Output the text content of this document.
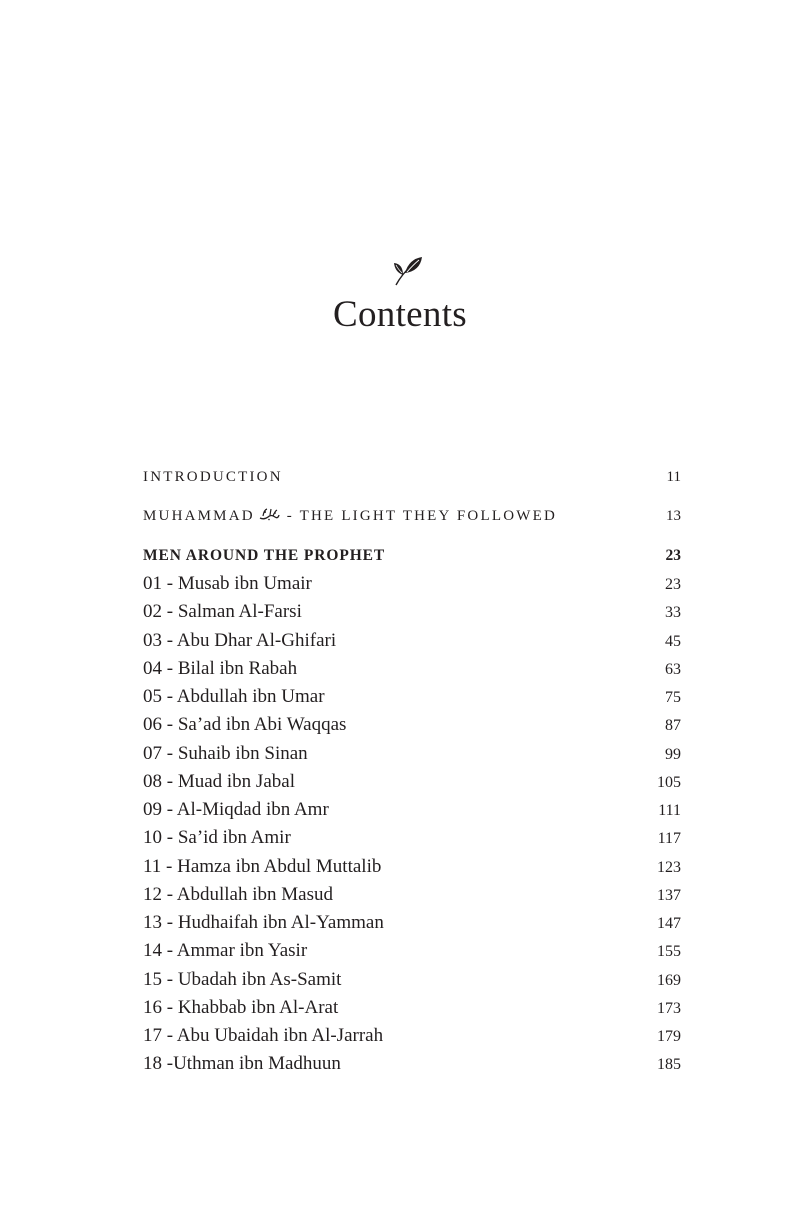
Contents
INTRODUCTION	11
MUHAMMAD - THE LIGHT THEY FOLLOWED	13
MEN AROUND THE PROPHET	23
01 - Musab ibn Umair	23
02 - Salman Al-Farsi	33
03 - Abu Dhar Al-Ghifari	45
04 - Bilal ibn Rabah	63
05 - Abdullah ibn Umar	75
06 - Sa’ad ibn Abi Waqqas	87
07 - Suhaib ibn Sinan	99
08 - Muad ibn Jabal	105
09 - Al-Miqdad ibn Amr	111
10 - Sa’id ibn Amir	117
11 - Hamza ibn Abdul Muttalib	123
12 - Abdullah ibn Masud	137
13 - Hudhaifah ibn Al-Yamman	147
14 - Ammar ibn Yasir	155
15 - Ubadah ibn As-Samit	169
16 - Khabbab ibn Al-Arat	173
17 - Abu Ubaidah ibn Al-Jarrah	179
18 -Uthman ibn Madhuun	185
